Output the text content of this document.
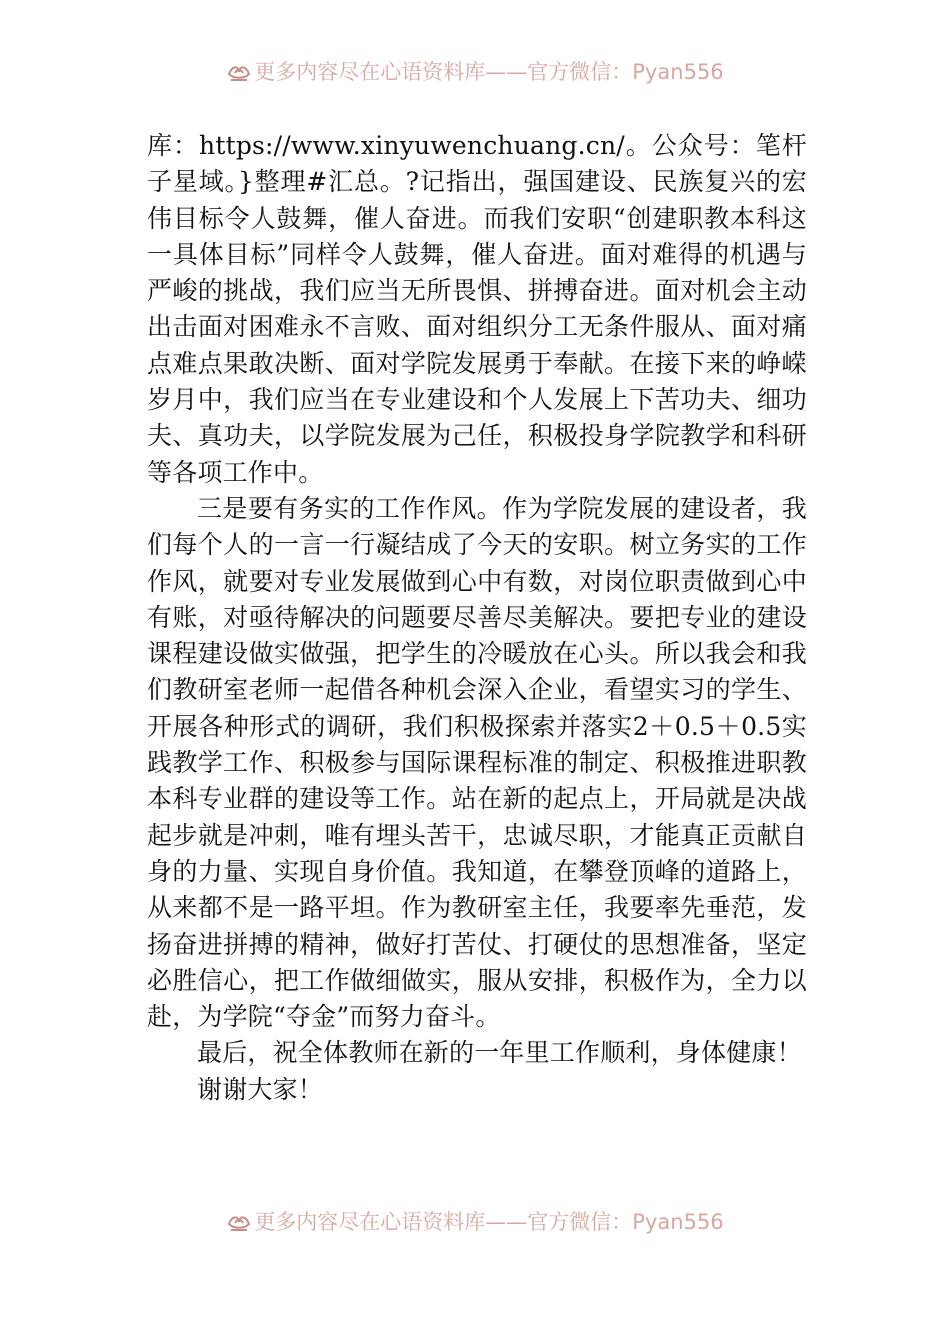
更多内容尽在心语资料库——官方微信：Pyan556

库：https://www.xinyuwenchuang.cn/。公众号：笔杆子星域。}整理#汇总。?记指出，强国建设、民族复兴的宏伟目标令人鼓舞，催人奋进。而我们安职“创建职教本科这一具体目标”同样令人鼓舞，催人奋进。面对难得的机遇与严峻的挑战，我们应当无所畏惧、拼搏奋进。面对机会主动出击面对困难永不言败、面对组织分工无条件服从、面对痛点难点果敢决断、面对学院发展勇于奉献。在接下来的峥嵘岁月中，我们应当在专业建设和个人发展上下苦功夫、细功夫、真功夫，以学院发展为己任，积极投身学院教学和科研等各项工作中。

三是要有务实的工作作风。作为学院发展的建设者，我们每个人的一言一行凝结成了今天的安职。树立务实的工作作风，就要对专业发展做到心中有数，对岗位职责做到心中有账，对亟待解决的问题要尽善尽美解决。要把专业的建设课程建设做实做强，把学生的冷暖放在心头。所以我会和我们教研室老师一起借各种机会深入企业，看望实习的学生、开展各种形式的调研，我们积极探索并落实2＋0.5＋0.5实践教学工作、积极参与国际课程标准的制定、积极推进职教本科专业群的建设等工作。站在新的起点上，开局就是决战起步就是冲刺，唯有埋头苦干，忠诚尽职，才能真正贡献自身的力量、实现自身价值。我知道，在攀登顶峰的道路上，从来都不是一路平坦。作为教研室主任，我要率先垂范，发扬奋进拼搏的精神，做好打苦仗、打硬仗的思想准备，坚定必胜信心，把工作做细做实，服从安排，积极作为，全力以赴，为学院“夺金”而努力奋斗。

最后，祝全体教师在新的一年里工作顺利，身体健康！

谢谢大家！

更多内容尽在心语资料库——官方微信：Pyan556
